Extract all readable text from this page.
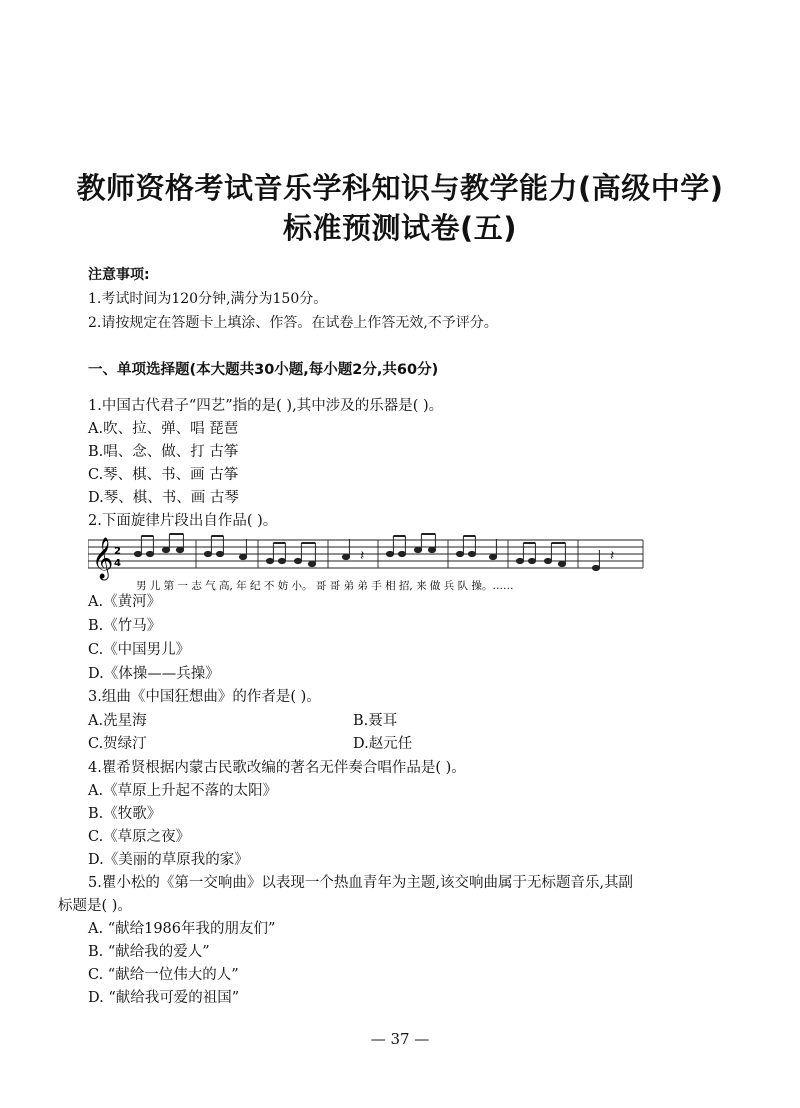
教师资格考试音乐学科知识与教学能力(高级中学)
标准预测试卷(五)
注意事项:
1.考试时间为120分钟,满分为150分。
2.请按规定在答题卡上填涂、作答。在试卷上作答无效,不予评分。
一、单项选择题(本大题共30小题,每小题2分,共60分)
1.中国古代君子“四艺”指的是( ),其中涉及的乐器是( )。
A.吹、拉、弹、唱 琵琶
B.唱、念、做、打 古筝
C.琴、棋、书、画 古筝
D.琴、棋、书、画 古琴
2.下面旋律片段出自作品( )。
𝄞 2
4	𝄽	𝄽
男 儿 第 一 志 气 高, 年 纪 不 妨 小。 哥 哥 弟 弟 手 相 招, 来 做 兵 队 操。……
A.《黄河》
B.《竹马》
C.《中国男儿》
D.《体操——兵操》
3.组曲《中国狂想曲》的作者是( )。
A.冼星海	B.聂耳
C.贺绿汀	D.赵元任
4.瞿希贤根据内蒙古民歌改编的著名无伴奏合唱作品是( )。
A.《草原上升起不落的太阳》
B.《牧歌》
C.《草原之夜》
D.《美丽的草原我的家》
5.瞿小松的《第一交响曲》以表现一个热血青年为主题,该交响曲属于无标题音乐,其副
标题是( )。
A. “献给1986年我的朋友们”
B. “献给我的爱人”
C. “献给一位伟大的人”
D. “献给我可爱的祖国”
— 37 —
